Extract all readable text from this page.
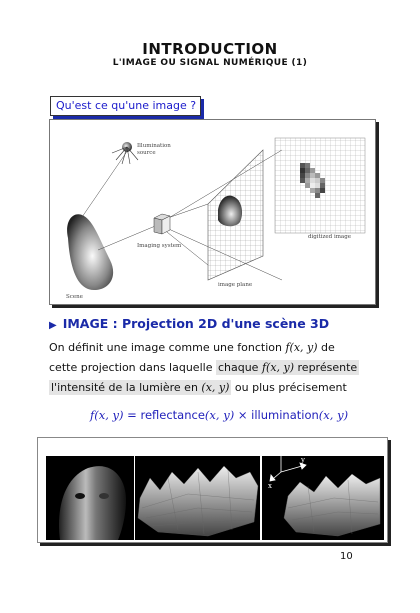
INTRODUCTION
L'IMAGE OU SIGNAL NUMÉRIQUE (1)
Qu'est ce qu'une image ?
Illumination
source
Scene
Imaging system
image plane
digitized image
▶ IMAGE : Projection 2D d'une scène 3D
On définit une image comme une fonction f(x, y) de
cette projection dans laquelle chaque f(x, y) représente
l'intensité de la lumière en (x, y) ou plus précisement
f(x, y) = reflectance(x, y) × illumination(x, y)
f(x,y)
y
x
10
